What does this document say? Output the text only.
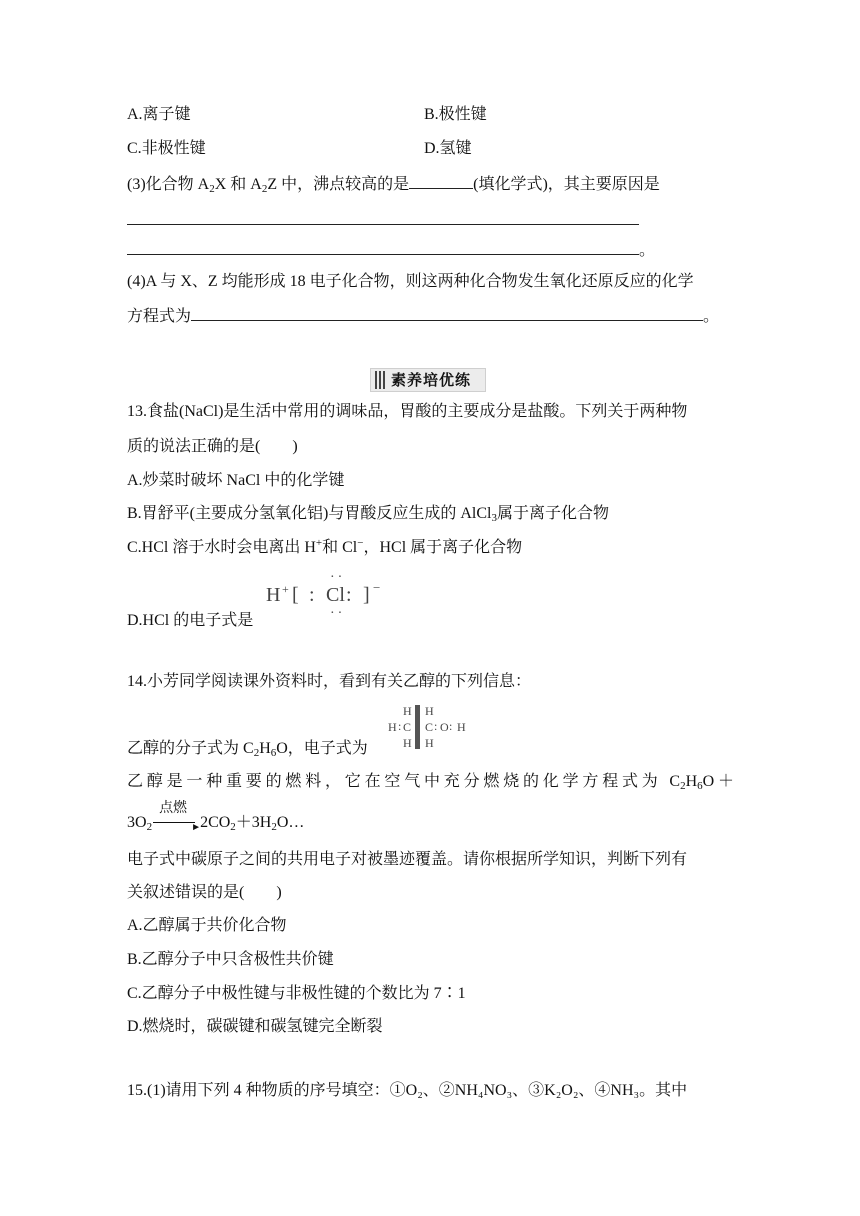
A.离子键	B.极性键
C.非极性键	D.氢键
(3)化合物 $A_2X$ 和 $A_2Z$ 中，沸点较高的是	(填化学式)，其主要原因是
。
(4)A 与 X、Z 均能形成 18 电子化合物，则这两种化合物发生氧化还原反应的化学
方程式为	。
素养培优练
13.食盐(NaCl)是生活中常用的调味品，胃酸的主要成分是盐酸。下列关于两种物
质的说法正确的是(　　)
A.炒菜时破坏 NaCl 中的化学键
B.胃舒平(主要成分氢氧化铝)与胃酸反应生成的 AlCl$_3$属于离子化合物
C.HCl 溶于水时会电离出 H+和 Cl−，HCl 属于离子化合物
D.HCl 的电子式是
H + [ : Cl : ] −
··
··
14.小芳同学阅读课外资料时，看到有关乙醇的下列信息：
乙醇的分子式为 $C_2H_6O$，电子式为
H H
H : C C : O : H
H H
乙醇是一种重要的燃料，它在空气中充分燃烧的化学方程式为 $C_2H_6O+$
$3O_2$
点燃
► $2CO_2+3H_2O\dots$
电子式中碳原子之间的共用电子对被墨迹覆盖。请你根据所学知识，判断下列有
关叙述错误的是(　　)
A.乙醇属于共价化合物
B.乙醇分子中只含极性共价键
C.乙醇分子中极性键与非极性键的个数比为 7∶1
D.燃烧时，碳碳键和碳氢键完全断裂
15.(1)请用下列 4 种物质的序号填空：①O₂、②NH₄NO₃、③K₂O₂、④NH₃。其中
